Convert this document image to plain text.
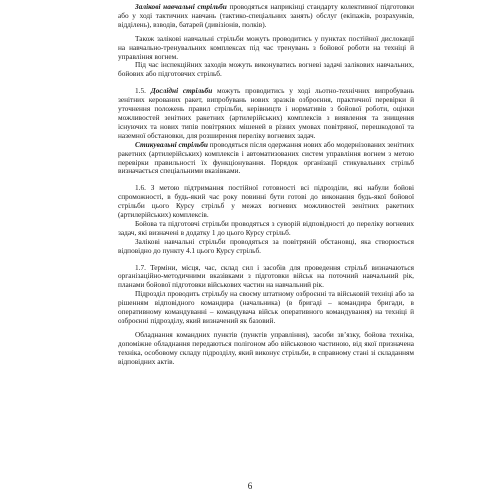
Залікові навчальні стрільби проводяться наприкінці стандарту колективної підготовки або у ході тактичних навчань (тактико-спеціальних занять) обслуг (екіпажів, розрахунків, відділень), взводів, батарей (дивізіонів, полків).

Також залікові навчальні стрільби можуть проводитись у пунктах постійної дислокації на навчально-тренувальних комплексах під час тренувань з бойової роботи на техніці й управління вогнем.

Під час інспекційних заходів можуть виконуватись вогневі задачі залікових навчальних, бойових або підготовчих стрільб.

1.5. Дослідні стрільби можуть проводитись у ході льотно-технічних випробувань зенітних керованих ракет, випробувань нових зразків озброєння, практичної перевірки й уточнення положень правил стрільби, керівництв і нормативів з бойової роботи, оцінки можливостей зенітних ракетних (артилерійських) комплексів з виявлення та знищення існуючих та нових типів повітряних мішеней в різних умовах повітряної, перешкодової та наземної обстановки, для розширення переліку вогневих задач.

Стикувальні стрільби проводяться після одержання нових або модернізованих зенітних ракетних (артилерійських) комплексів і автоматизованих систем управління вогнем з метою перевірки правильності їх функціонування. Порядок організації стикувальних стрільб визначається спеціальними вказівками.

1.6. З метою підтримання постійної готовності всі підрозділи, які набули бойові спроможності, в будь-який час року повинні бути готові до виконання будь-якої бойової стрільби цього Курсу стрільб у межах вогневих можливостей зенітних ракетних (артилерійських) комплексів.

Бойова та підготовчі стрільби проводяться з суворій відповідності до переліку вогневих задач, які визначені в додатку 1 до цього Курсу стрільб.

Залікові навчальні стрільби проводяться за повітряній обстановці, яка створюється відповідно до пункту 4.1 цього Курсу стрільб.

1.7. Терміни, місця, час, склад сил і засобів для проведення стрільб визначаються організаційно-методичними вказівками з підготовки військ на поточний навчальний рік, планами бойової підготовки військових частин на навчальний рік.

Підрозділ проводить стрільбу на своєму штатному озброєнні та військовій техніці або за рішенням відповідного командира (начальника) (в бригаді – командира бригади, в оперативному командуванні – командувача військ оперативного командування) на техніці й озброєнні підрозділу, який визначений як базовий.

Обладнання командних пунктів (пунктів управління), засоби зв’язку, бойова техніка, допоміжне обладнання передаються полігоном або військовою частиною, від якої призначена техніка, особовому складу підрозділу, який виконує стрільби, в справному стані зі складанням відповідних актів.

6
